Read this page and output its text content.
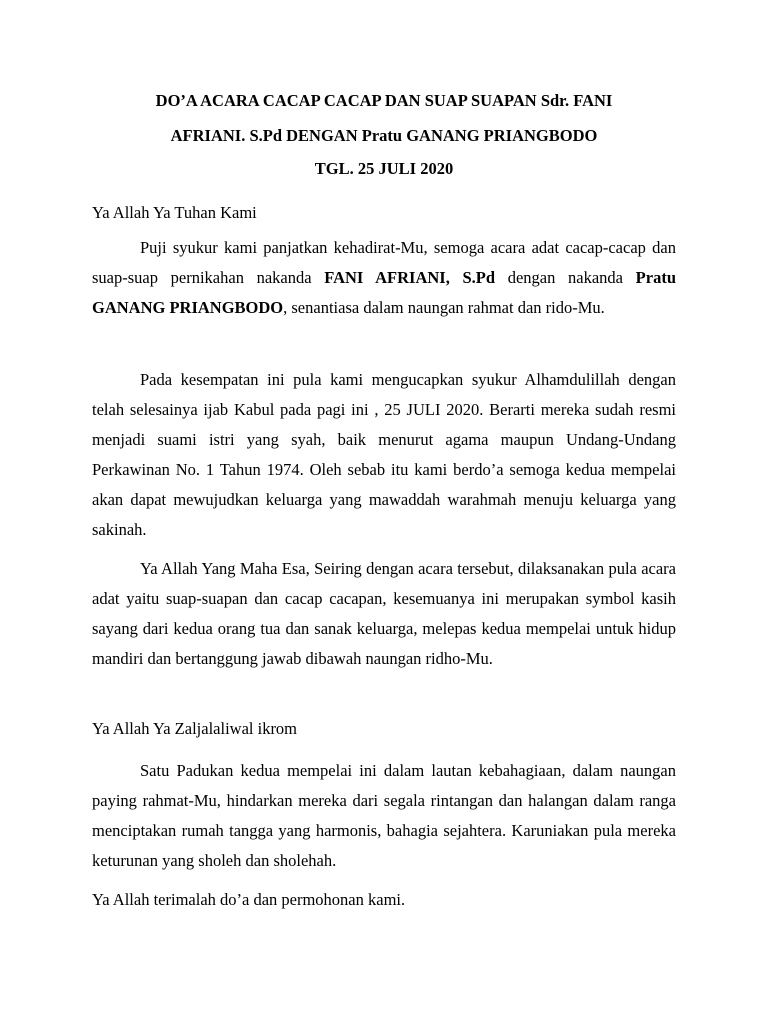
DO’A ACARA CACAP CACAP DAN SUAP SUAPAN Sdr. FANI
AFRIANI. S.Pd DENGAN Pratu GANANG PRIANGBODO
TGL. 25 JULI 2020
Ya Allah Ya Tuhan Kami

Puji syukur kami panjatkan kehadirat-Mu, semoga acara adat cacap-cacap dan suap-suap pernikahan nakanda FANI AFRIANI, S.Pd dengan nakanda Pratu GANANG PRIANGBODO, senantiasa dalam naungan rahmat dan rido-Mu.

Pada kesempatan ini pula kami mengucapkan syukur Alhamdulillah dengan telah selesainya ijab Kabul pada pagi ini , 25 JULI 2020. Berarti mereka sudah resmi menjadi suami istri yang syah, baik menurut agama maupun Undang-Undang Perkawinan No. 1 Tahun 1974. Oleh sebab itu kami berdo’a semoga kedua mempelai akan dapat mewujudkan keluarga yang mawaddah warahmah menuju keluarga yang sakinah.

Ya Allah Yang Maha Esa, Seiring dengan acara tersebut, dilaksanakan pula acara adat yaitu suap-suapan dan cacap cacapan, kesemuanya ini merupakan symbol kasih sayang dari kedua orang tua dan sanak keluarga, melepas kedua mempelai untuk hidup mandiri dan bertanggung jawab dibawah naungan ridho-Mu.

Ya Allah Ya Zaljalaliwal ikrom

Satu Padukan kedua mempelai ini dalam lautan kebahagiaan, dalam naungan paying rahmat-Mu, hindarkan mereka dari segala rintangan dan halangan dalam ranga menciptakan rumah tangga yang harmonis, bahagia sejahtera. Karuniakan pula mereka keturunan yang sholeh dan sholehah.

Ya Allah terimalah do’a dan permohonan kami.
